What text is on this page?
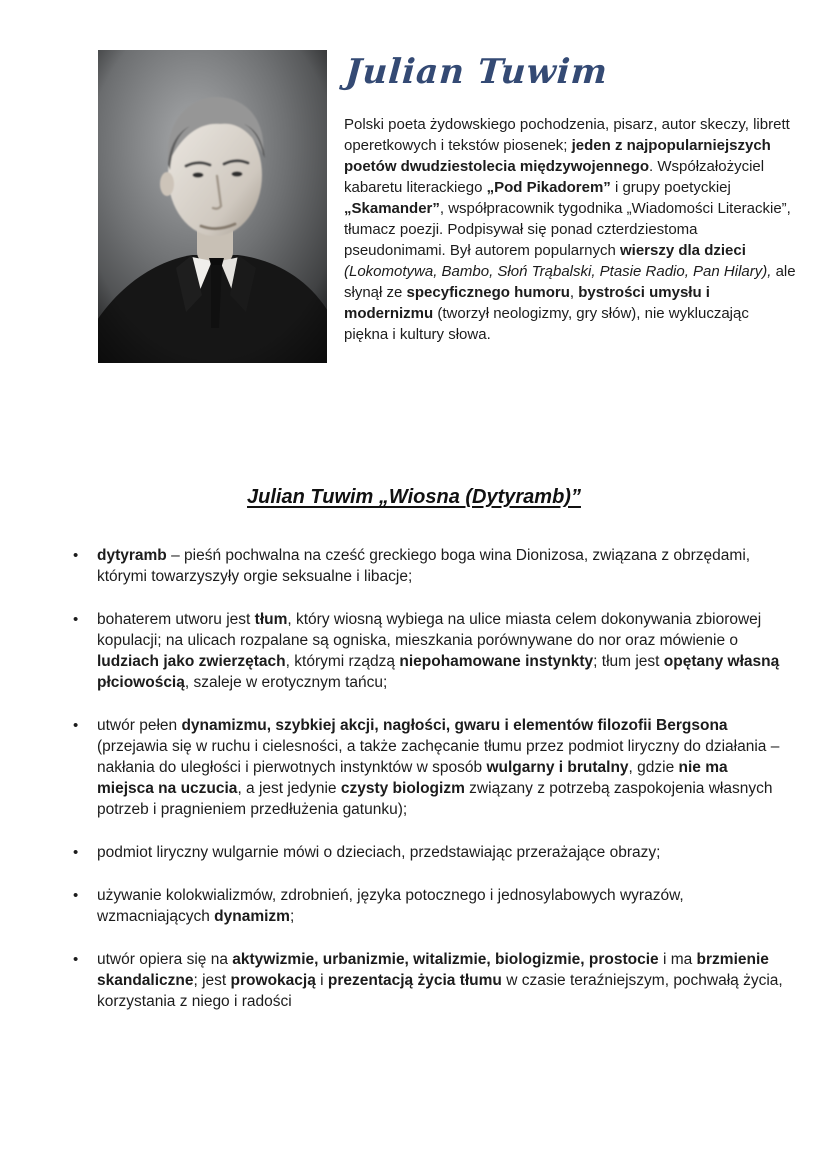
Julian Tuwim

Polski poeta żydowskiego pochodzenia, pisarz, autor skeczy, librett operetkowych i tekstów piosenek; jeden z najpopularniejszych poetów dwudziestolecia międzywojennego. Współzałożyciel kabaretu literackiego „Pod Pikadorem” i grupy poetyckiej „Skamander”, współpracownik tygodnika „Wiadomości Literackie”, tłumacz poezji. Podpisywał się ponad czterdziestoma pseudonimami. Był autorem popularnych wierszy dla dzieci (Lokomotywa, Bambo, Słoń Trąbalski, Ptasie Radio, Pan Hilary), ale słynął ze specyficznego humoru, bystrości umysłu i modernizmu (tworzył neologizmy, gry słów), nie wykluczając piękna i kultury słowa.

Julian Tuwim „Wiosna (Dytyramb)”
• dytyramb – pieśń pochwalna na cześć greckiego boga wina Dionizosa, związana z obrzędami, którymi towarzyszyły orgie seksualne i libacje;
• bohaterem utworu jest tłum, który wiosną wybiega na ulice miasta celem dokonywania zbiorowej kopulacji; na ulicach rozpalane są ogniska, mieszkania porównywane do nor oraz mówienie o ludziach jako zwierzętach, którymi rządzą niepohamowane instynkty; tłum jest opętany własną płciowością, szaleje w erotycznym tańcu;
• utwór pełen dynamizmu, szybkiej akcji, nagłości, gwaru i elementów filozofii Bergsona (przejawia się w ruchu i cielesności, a także zachęcanie tłumu przez podmiot liryczny do działania – nakłania do uległości i pierwotnych instynktów w sposób wulgarny i brutalny, gdzie nie ma miejsca na uczucia, a jest jedynie czysty biologizm związany z potrzebą zaspokojenia własnych potrzeb i pragnieniem przedłużenia gatunku);
• podmiot liryczny wulgarnie mówi o dzieciach, przedstawiając przerażające obrazy;
• używanie kolokwializmów, zdrobnień, języka potocznego i jednosylabowych wyrazów, wzmacniających dynamizm;
• utwór opiera się na aktywizmie, urbanizmie, witalizmie, biologizmie, prostocie i ma brzmienie skandaliczne; jest prowokacją i prezentacją życia tłumu w czasie teraźniejszym, pochwałą życia, korzystania z niego i radości
